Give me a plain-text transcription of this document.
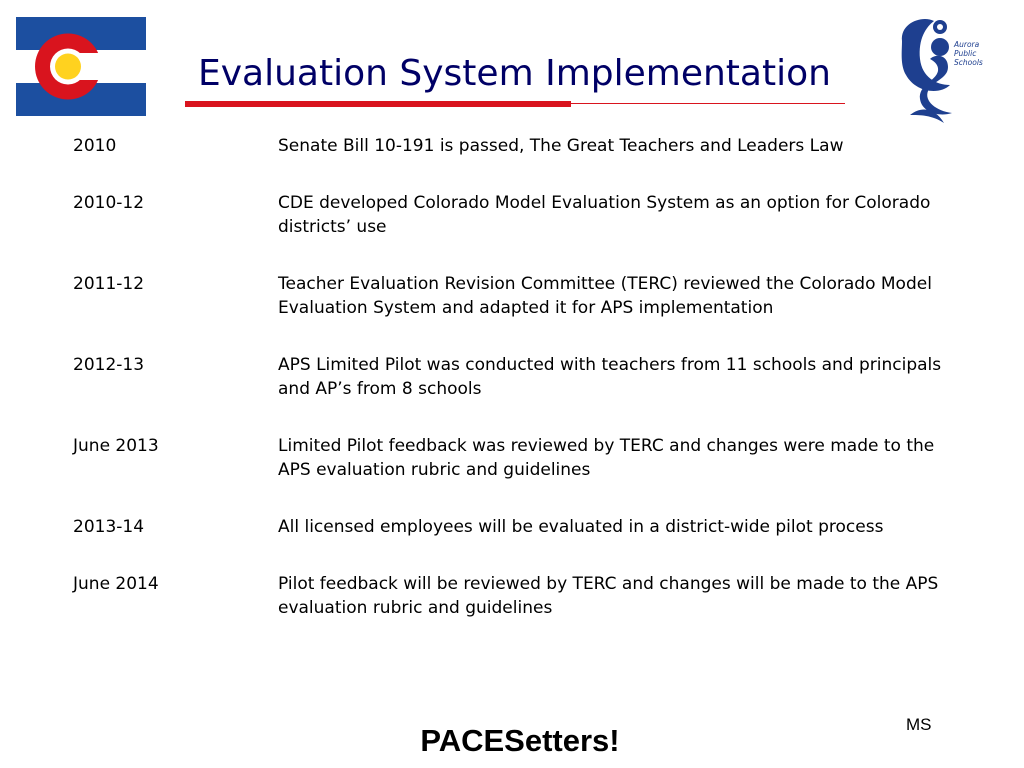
Evaluation System Implementation
Aurora
Public
Schools
2010	Senate Bill 10-191 is passed, The Great Teachers and Leaders Law
2010-12	CDE developed Colorado Model Evaluation System as an option for Colorado districts’ use
2011-12	Teacher Evaluation Revision Committee (TERC) reviewed the Colorado Model Evaluation System and adapted it for APS implementation
2012-13	APS Limited Pilot was conducted with teachers from 11 schools and principals and AP’s from 8 schools
June 2013	Limited Pilot feedback was reviewed by TERC and changes were made to the APS evaluation rubric and guidelines
2013-14	All licensed employees will be evaluated in a district-wide pilot process
June 2014	Pilot feedback will be reviewed by TERC and changes will be made to the APS evaluation rubric and guidelines
MS
PACESetters!
